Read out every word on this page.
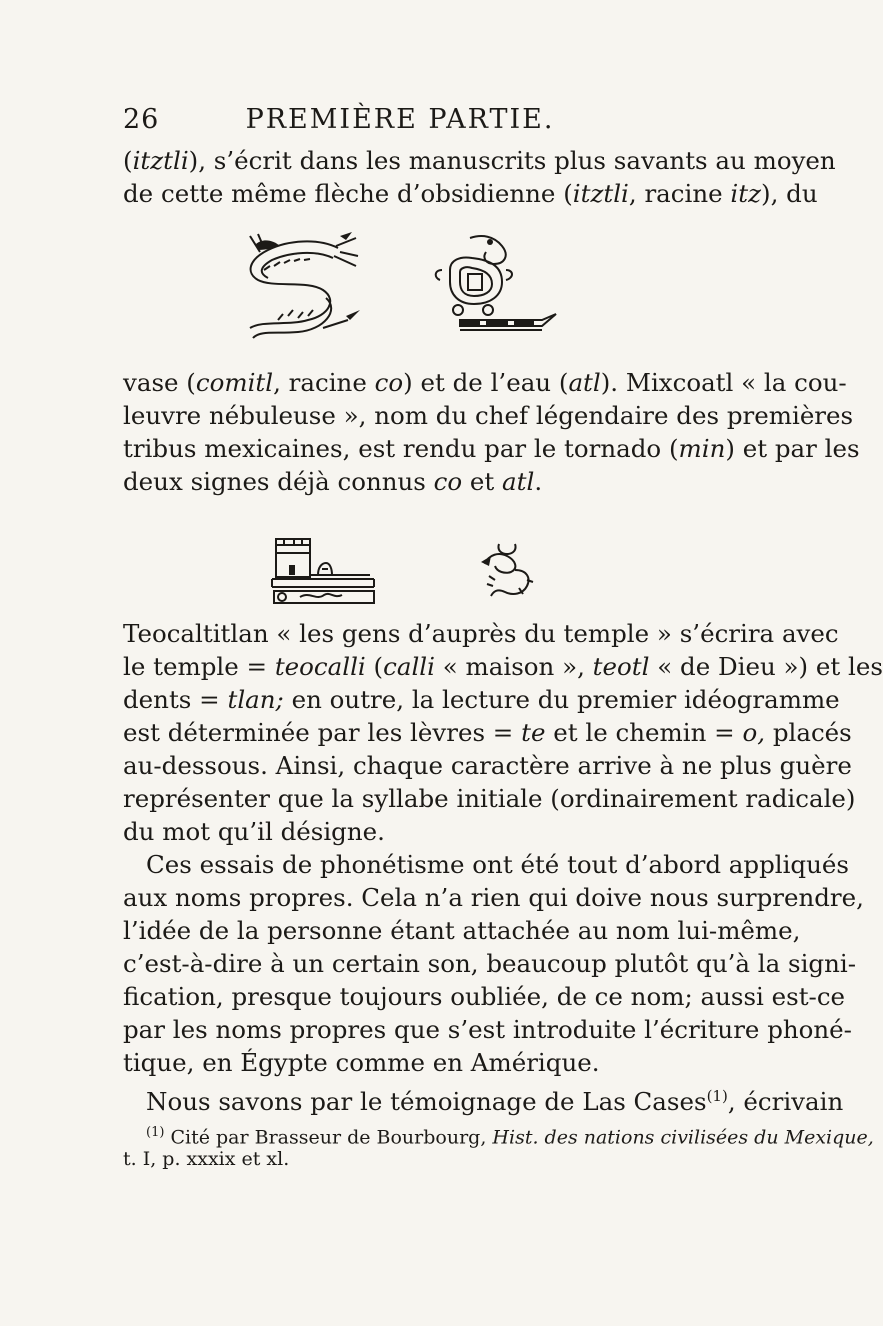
26	PREMIÈRE PARTIE.
(itztli), s’écrit dans les manuscrits plus savants au moyen
de cette même flèche d’obsidienne (itztli, racine itz), du
vase (comitl, racine co) et de l’eau (atl). Mixcoatl « la cou-
leuvre nébuleuse », nom du chef légendaire des premières
tribus mexicaines, est rendu par le tornado (min) et par les
deux signes déjà connus co et atl.
Teocaltitlan « les gens d’auprès du temple » s’écrira avec
le temple = teocalli (calli « maison », teotl « de Dieu ») et les
dents = tlan; en outre, la lecture du premier idéogramme
est déterminée par les lèvres = te et le chemin = o, placés
au-dessous. Ainsi, chaque caractère arrive à ne plus guère
représenter que la syllabe initiale (ordinairement radicale)
du mot qu’il désigne.
Ces essais de phonétisme ont été tout d’abord appliqués
aux noms propres. Cela n’a rien qui doive nous surprendre,
l’idée de la personne étant attachée au nom lui-même,
c’est-à-dire à un certain son, beaucoup plutôt qu’à la signi-
fication, presque toujours oubliée, de ce nom; aussi est-ce
par les noms propres que s’est introduite l’écriture phoné-
tique, en Égypte comme en Amérique.
Nous savons par le témoignage de Las Cases$^{(1)}$, écrivain
$^{(1)}$ Cité par Brasseur de Bourbourg, Hist. des nations civilisées du Mexique,
t. I, p. xxxix et xl.
